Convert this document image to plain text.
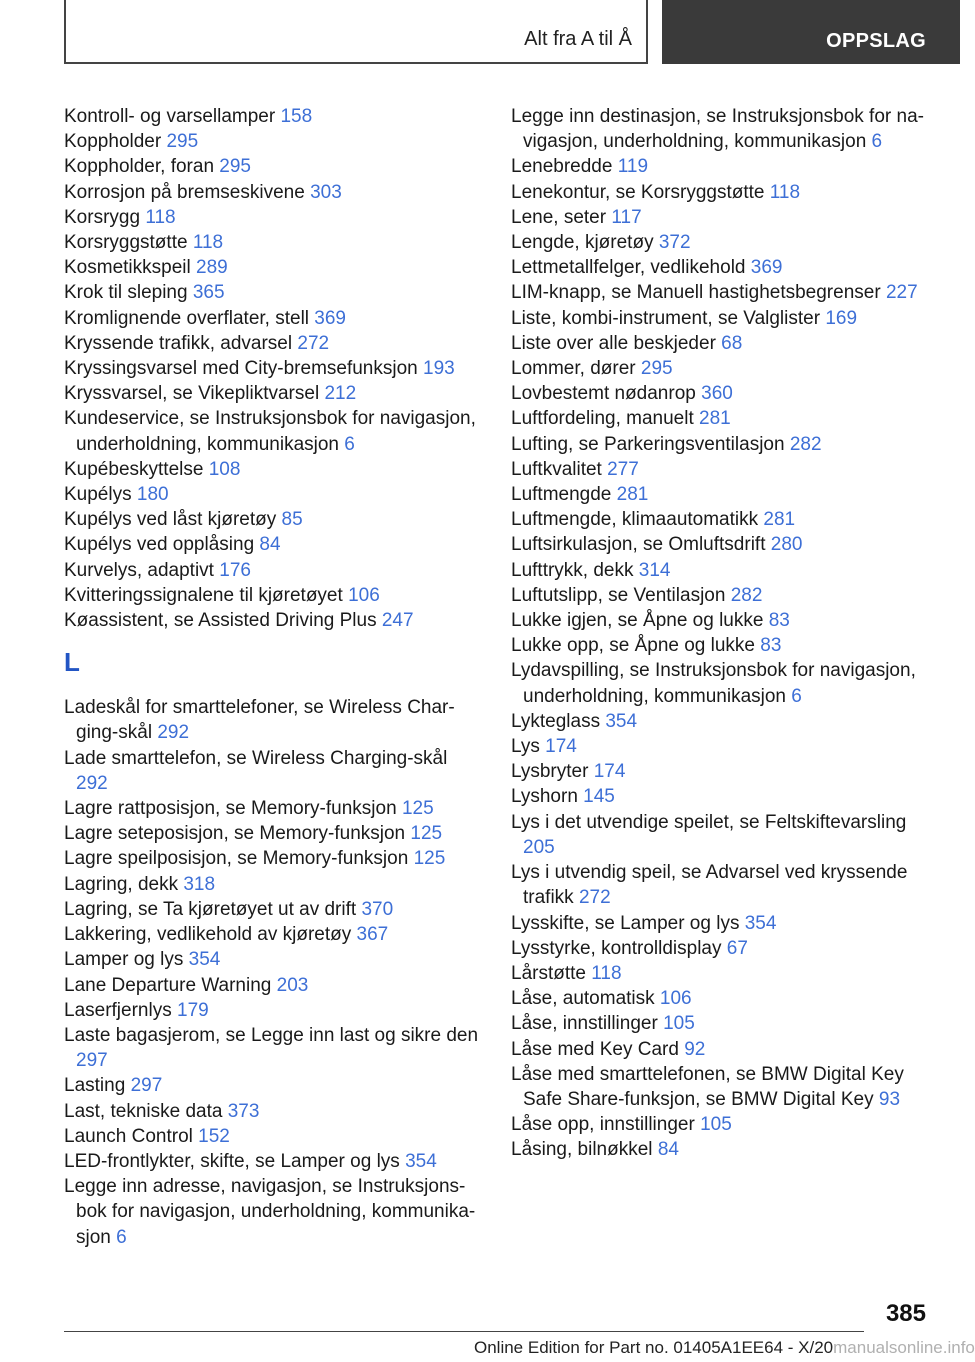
Alt fra A til Å	OPPSLAG
Kontroll- og varsellamper 158
Koppholder 295
Koppholder, foran 295
Korrosjon på bremseskivene 303
Korsrygg 118
Korsryggstøtte 118
Kosmetikkspeil 289
Krok til sleping 365
Kromlignende overflater, stell 369
Kryssende trafikk, advarsel 272
Kryssingsvarsel med City-bremsefunksjon 193
Kryssvarsel, se Vikepliktvarsel 212
Kundeservice, se Instruksjonsbok for navigasjon, underholdning, kommunikasjon 6
Kupébeskyttelse 108
Kupélys 180
Kupélys ved låst kjøretøy 85
Kupélys ved opplåsing 84
Kurvelys, adaptivt 176
Kvitteringssignalene til kjøretøyet 106
Køassistent, se Assisted Driving Plus 247
L
Ladeskål for smarttelefoner, se Wireless Charging-skål 292
Lade smarttelefon, se Wireless Charging-skål 292
Lagre rattposisjon, se Memory-funksjon 125
Lagre seteposisjon, se Memory-funksjon 125
Lagre speilposisjon, se Memory-funksjon 125
Lagring, dekk 318
Lagring, se Ta kjøretøyet ut av drift 370
Lakkering, vedlikehold av kjøretøy 367
Lamper og lys 354
Lane Departure Warning 203
Laserfjernlys 179
Laste bagasjerom, se Legge inn last og sikre den 297
Lasting 297
Last, tekniske data 373
Launch Control 152
LED-frontlykter, skifte, se Lamper og lys 354
Legge inn adresse, navigasjon, se Instruksjonsbok for navigasjon, underholdning, kommunikasjon 6
Legge inn destinasjon, se Instruksjonsbok for navigasjon, underholdning, kommunikasjon 6
Lenebredde 119
Lenekontur, se Korsryggstøtte 118
Lene, seter 117
Lengde, kjøretøy 372
Lettmetallfelger, vedlikehold 369
LIM-knapp, se Manuell hastighetsbegrenser 227
Liste, kombi-instrument, se Valglister 169
Liste over alle beskjeder 68
Lommer, dører 295
Lovbestemt nødanrop 360
Luftfordeling, manuelt 281
Lufting, se Parkeringsventilasjon 282
Luftkvalitet 277
Luftmengde 281
Luftmengde, klimaautomatikk 281
Luftsirkulasjon, se Omluftsdrift 280
Lufttrykk, dekk 314
Luftutslipp, se Ventilasjon 282
Lukke igjen, se Åpne og lukke 83
Lukke opp, se Åpne og lukke 83
Lydavspilling, se Instruksjonsbok for navigasjon, underholdning, kommunikasjon 6
Lykteglass 354
Lys 174
Lysbryter 174
Lyshorn 145
Lys i det utvendige speilet, se Feltskiftevarsling 205
Lys i utvendig speil, se Advarsel ved kryssende trafikk 272
Lysskifte, se Lamper og lys 354
Lysstyrke, kontrolldisplay 67
Lårstøtte 118
Låse, automatisk 106
Låse, innstillinger 105
Låse med Key Card 92
Låse med smarttelefonen, se BMW Digital Key Safe Share-funksjon, se BMW Digital Key 93
Låse opp, innstillinger 105
Låsing, bilnøkkel 84
385
Online Edition for Part no. 01405A1EE64 - X/20manualsonline.info
